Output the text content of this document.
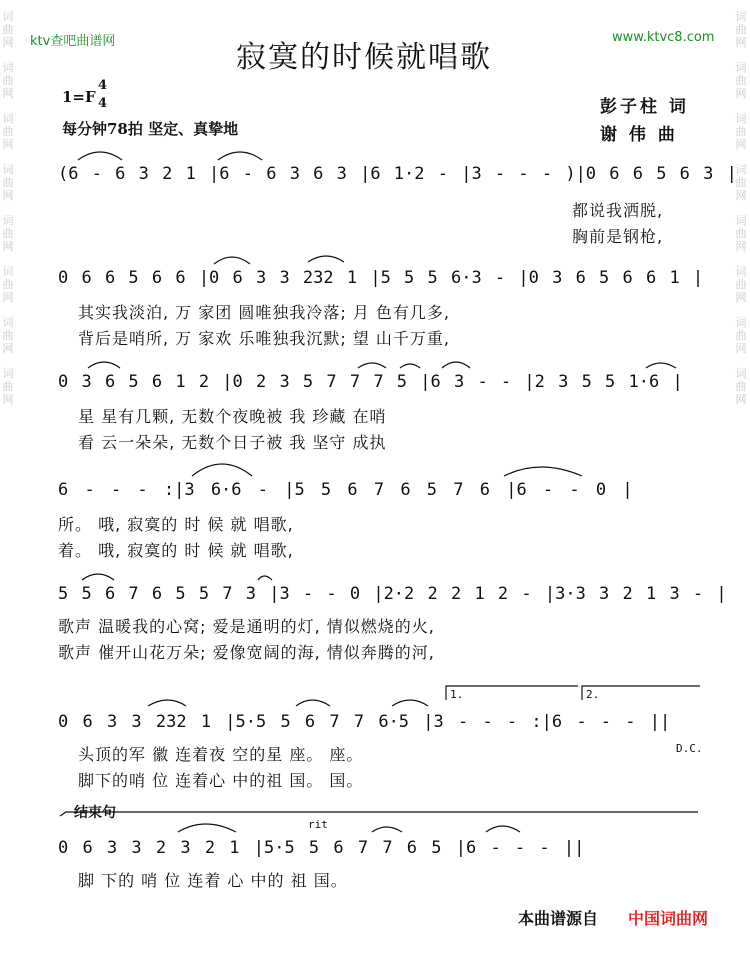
词
曲
网
词
曲
网
词
曲
网
词
曲
网
词
曲
网
词
曲
网
词
曲
网
词
曲
网
词
曲
网
词
曲
网
词
曲
网
词
曲
网
词
曲
网
词
曲
网
词
曲
网
词
曲
网
ktv查吧曲谱网	www.ktvc8.com
寂寞的时候就唱歌
1=F
4
4
每分钟78拍 坚定、真挚地
彭子柱 词
谢 伟 曲
(6 - 6 3 2 1 |6 - 6 3 6 3 |6 1·2 - |3 - - - )|0 6 6 5 6 3 |
都说我洒脱,
胸前是钢枪,
0 6 6 5 6 6 |0 6 3 3 232 1 |5 5 5 6·3 - |0 3 6 5 6 6 1 |
其实我淡泊, 万 家团 圆唯独我冷落; 月 色有几多,
背后是哨所, 万 家欢 乐唯独我沉默; 望 山千万重,
0 3 6 5 6 1 2 |0 2 3 5 7 7 7 5 |6 3 - - |2 3 5 5 1·6 |
星 星有几颗, 无数个夜晚被 我 珍藏 在哨
看 云一朵朵, 无数个日子被 我 坚守 成执
6 - - - :|3 6·6 - |5 5 6 7 6 5 7 6 |6 - - 0 |
所。 哦, 寂寞的 时 候 就 唱歌,
着。 哦, 寂寞的 时 候 就 唱歌,
5 5 6 7 6 5 5 7 3 |3 - - 0 |2·2 2 2 1 2 - |3·3 3 2 1 3 - |
歌声 温暖我的心窝; 爱是通明的灯, 情似燃烧的火,
歌声 催开山花万朵; 爱像宽阔的海, 情似奔腾的河,
1.	2.
0 6 3 3 232 1 |5·5 5 6 7 7 6·5 |3 - - - :|6 - - - ||
D.C.
头顶的军 徽 连着夜 空的星 座。 座。
脚下的哨 位 连着心 中的祖 国。 国。
结束句
rit
0 6 3 3 2 3 2 1 |5·5 5 6 7 7 6 5 |6 - - - ||
脚 下的 哨 位 连着 心 中的 祖 国。
本曲谱源自 中国词曲网
